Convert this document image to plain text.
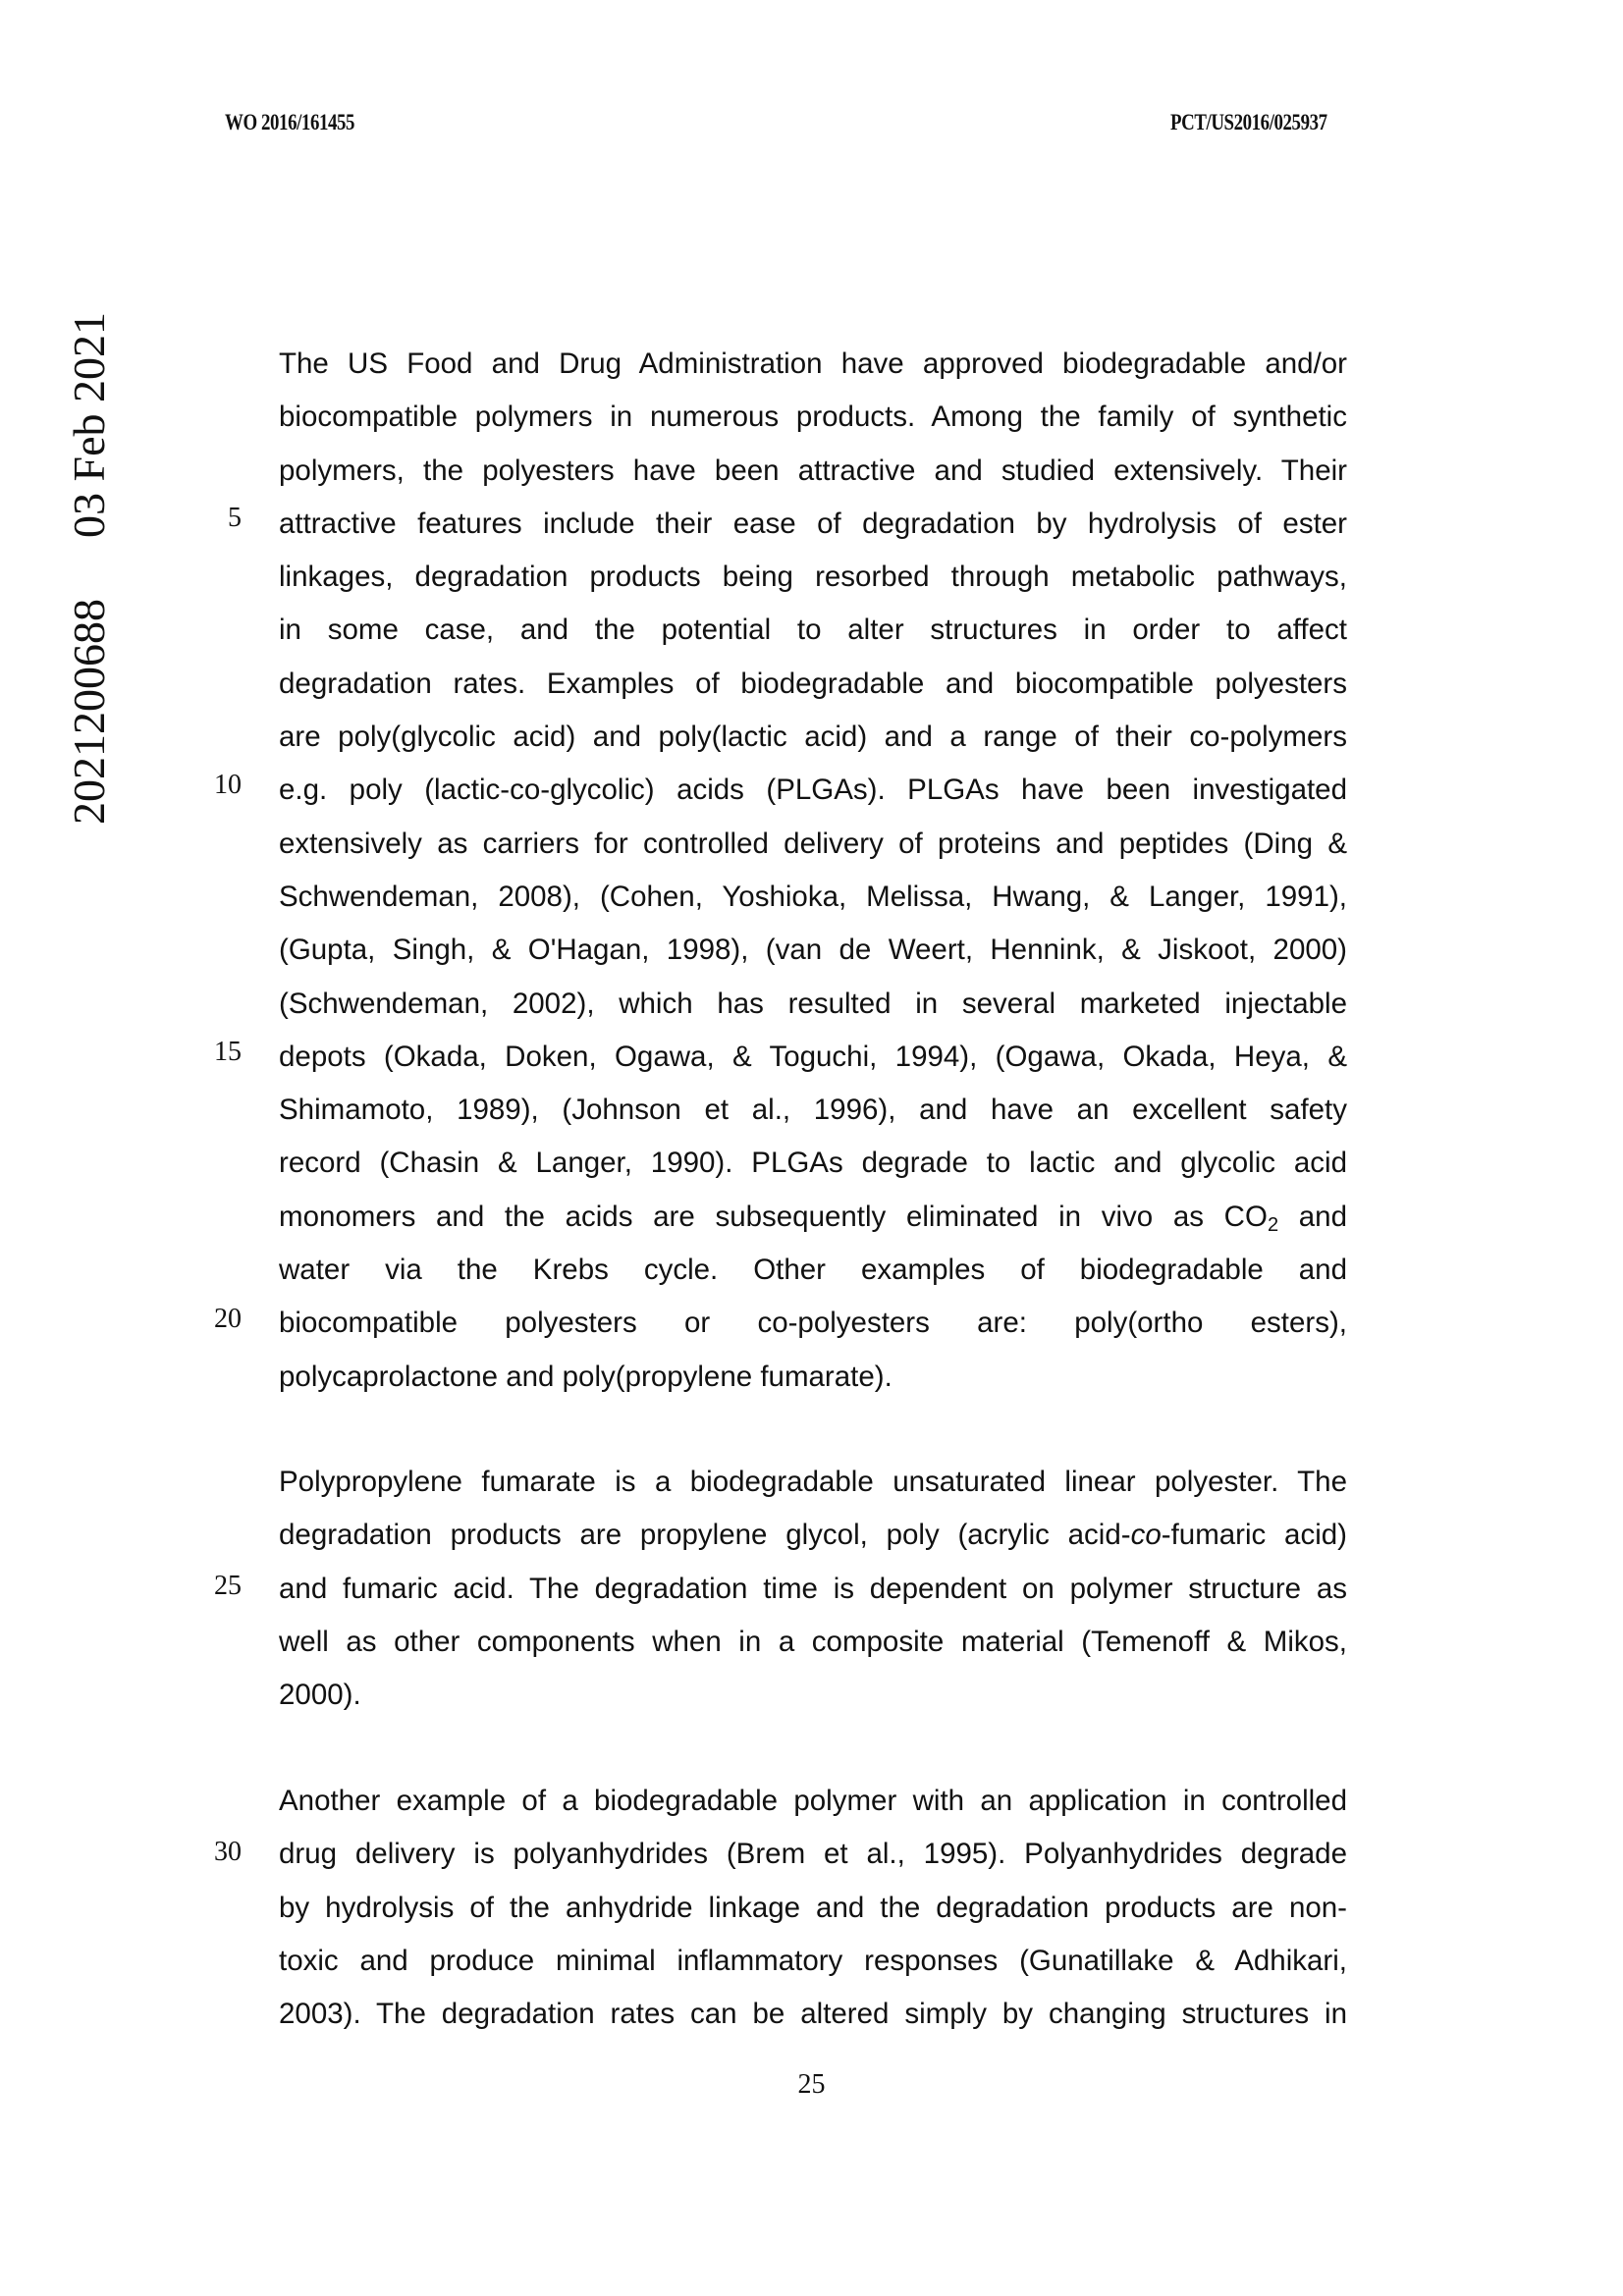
WO 2016/161455	PCT/US2016/025937
2021200688
03 Feb 2021	The US Food and Drug Administration have approved biodegradable and/or
biocompatible polymers in numerous products. Among the family of synthetic
polymers, the polyesters have been attractive and studied extensively. Their
attractive features include their ease of degradation by hydrolysis of ester
linkages, degradation products being resorbed through metabolic pathways,
in some case, and the potential to alter structures in order to affect
degradation rates. Examples of biodegradable and biocompatible polyesters
are poly(glycolic acid) and poly(lactic acid) and a range of their co-polymers
e.g. poly (lactic-co-glycolic) acids (PLGAs). PLGAs have been investigated
extensively as carriers for controlled delivery of proteins and peptides (Ding &
Schwendeman, 2008), (Cohen, Yoshioka, Melissa, Hwang, & Langer, 1991),
(Gupta, Singh, & O'Hagan, 1998), (van de Weert, Hennink, & Jiskoot, 2000)
(Schwendeman, 2002), which has resulted in several marketed injectable
depots (Okada, Doken, Ogawa, & Toguchi, 1994), (Ogawa, Okada, Heya, &
Shimamoto, 1989), (Johnson et al., 1996), and have an excellent safety
record (Chasin & Langer, 1990). PLGAs degrade to lactic and glycolic acid
monomers and the acids are subsequently eliminated in vivo as $CO_2$ and
water via the Krebs cycle. Other examples of biodegradable and
biocompatible polyesters or co-polyesters are: poly(ortho esters),
polycaprolactone and poly(propylene fumarate).
Polypropylene fumarate is a biodegradable unsaturated linear polyester. The
degradation products are propylene glycol, poly (acrylic acid-co-fumaric acid)
and fumaric acid. The degradation time is dependent on polymer structure as
well as other components when in a composite material (Temenoff & Mikos,
2000).
Another example of a biodegradable polymer with an application in controlled
drug delivery is polyanhydrides (Brem et al., 1995). Polyanhydrides degrade
by hydrolysis of the anhydride linkage and the degradation products are non-
toxic and produce minimal inflammatory responses (Gunatillake & Adhikari,
2003). The degradation rates can be altered simply by changing structures in
5
10
15
20
25
30
25
